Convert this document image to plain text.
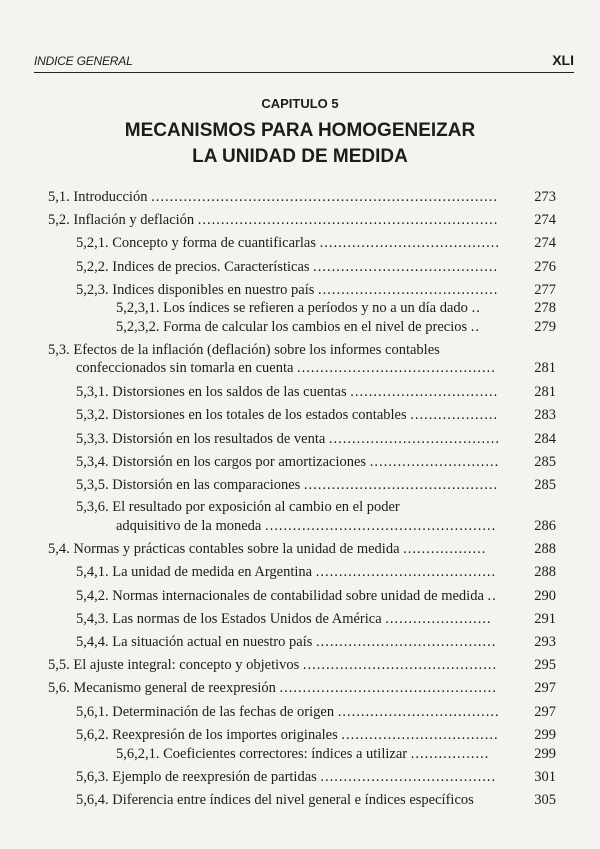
INDICE GENERAL	XLI
CAPITULO 5
MECANISMOS PARA HOMOGENEIZAR
LA UNIDAD DE MEDIDA
5,1. Introducción ...........................................................................	273
5,2. Inflación y deflación .................................................................	274
5,2,1. Concepto y forma de cuantificarlas .......................................	274
5,2,2. Indices de precios. Características ........................................	276
5,2,3. Indices disponibles en nuestro país .......................................	277
5,2,3,1. Los índices se refieren a períodos y no a un día dado ..	278
5,2,3,2. Forma de calcular los cambios en el nivel de precios ..	279
5,3. Efectos de la inflación (deflación) sobre los informes contables
confeccionados sin tomarla en cuenta ...........................................	281
5,3,1. Distorsiones en los saldos de las cuentas ................................	281
5,3,2. Distorsiones en los totales de los estados contables ...................	283
5,3,3. Distorsión en los resultados de venta .....................................	284
5,3,4. Distorsión en los cargos por amortizaciones ............................	285
5,3,5. Distorsión en las comparaciones ..........................................	285
5,3,6. El resultado por exposición al cambio en el poder
adquisitivo de la moneda ..................................................	286
5,4. Normas y prácticas contables sobre la unidad de medida ..................	288
5,4,1. La unidad de medida en Argentina .......................................	288
5,4,2. Normas internacionales de contabilidad sobre unidad de medida ..	290
5,4,3. Las normas de los Estados Unidos de América .......................	291
5,4,4. La situación actual en nuestro país .......................................	293
5,5. El ajuste integral: concepto y objetivos ..........................................	295
5,6. Mecanismo general de reexpresión ...............................................	297
5,6,1. Determinación de las fechas de origen ...................................	297
5,6,2. Reexpresión de los importes originales ..................................	299
5,6,2,1. Coeficientes correctores: índices a utilizar .................	299
5,6,3. Ejemplo de reexpresión de partidas ......................................	301
5,6,4. Diferencia entre índices del nivel general e índices específicos	305
